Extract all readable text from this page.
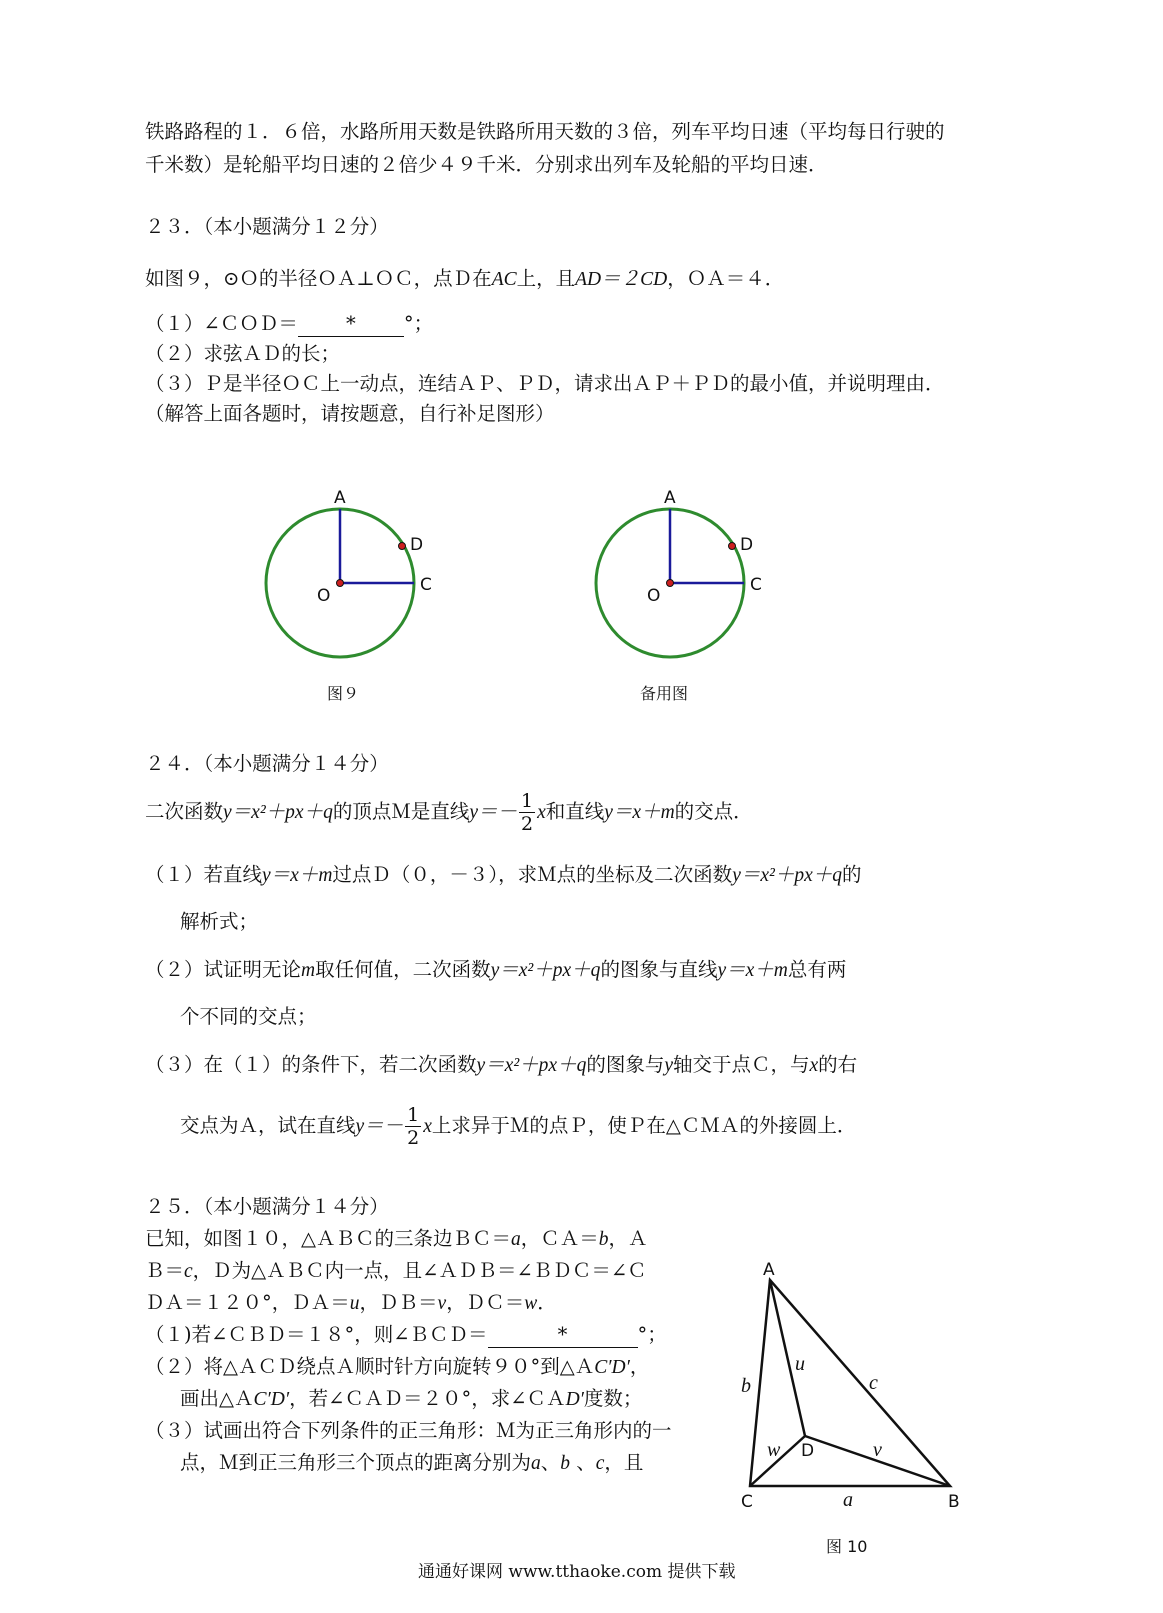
铁路路程的１．６倍，水路所用天数是铁路所用天数的３倍，列车平均日速（平均每日行驶的
千米数）是轮船平均日速的２倍少４９千米．分别求出列车及轮船的平均日速．
２３．（本小题满分１２分）
如图９，⊙Ｏ的半径ＯＡ⊥ＯＣ，点Ｄ在AC上，且AD＝２CD，ＯＡ＝４．
（１）∠ＣＯＤ＝ * °；
（２）求弦ＡＤ的长；
（３）Ｐ是半径ＯＣ上一动点，连结ＡＰ、ＰＤ，请求出ＡＰ＋ＰＤ的最小值，并说明理由．
（解答上面各题时，请按题意，自行补足图形）
A
D
O
C
图９
A
D
O
C
备用图
２４．（本小题满分１４分）
二次函数y＝x²＋px＋q的顶点Ｍ是直线$y=- \frac{1}{2}$ x和直线y＝x＋m的交点．
（１）若直线y＝x＋m过点Ｄ（０，－３），求Ｍ点的坐标及二次函数y＝x²＋px＋q的
解析式；
（２）试证明无论m取任何值，二次函数y＝x²＋px＋q的图象与直线y＝x＋m总有两
个不同的交点；
（３）在（１）的条件下，若二次函数y＝x²＋px＋q的图象与y轴交于点Ｃ，与x的右
交点为Ａ，试在直线$y=- \frac{1}{2}$ x上求异于Ｍ的点Ｐ，使Ｐ在△ＣＭＡ的外接圆上．
２５．（本小题满分１４分）
已知，如图１０，△ＡＢＣ的三条边ＢＣ＝a，ＣＡ＝b，Ａ
Ｂ＝c，Ｄ为△ＡＢＣ内一点，且∠ＡＤＢ＝∠ＢＤＣ＝∠Ｃ
ＤＡ＝１２０°，ＤＡ＝u，ＤＢ＝v，ＤＣ＝w．
（１)若∠ＣＢＤ＝１８°，则∠ＢＣＤ＝	*	°；
（２）将△ＡＣＤ绕点Ａ顺时针方向旋转９０°到△ＡC′D′，
画出△ＡC′D′，若∠ＣＡＤ＝２０°，求∠ＣＡD′度数；
（３）试画出符合下列条件的正三角形：Ｍ为正三角形内的一
点，Ｍ到正三角形三个顶点的距离分别为a、b 、c，且
A
C	B
D
b	c
u
v
w
a
图 10
通通好课网 www.tthaoke.com 提供下载
